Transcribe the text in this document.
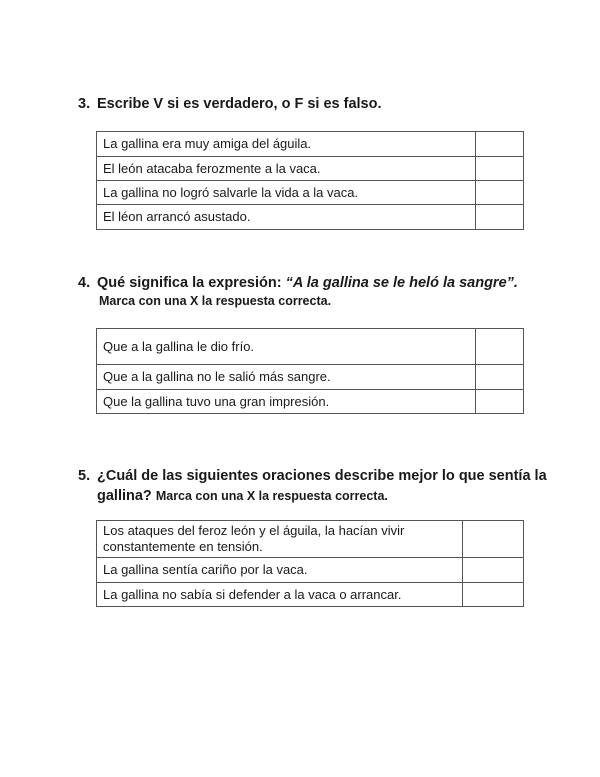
3. Escribe V si es verdadero, o F si es falso.
La gallina era muy amiga del águila.	
El león atacaba ferozmente a la vaca.	
La gallina no logró salvarle la vida a la vaca.	
El léon arrancó asustado.	
4. Qué significa la expresión: “A la gallina se le heló la sangre”.
Marca con una X la respuesta correcta.
Que a la gallina le dio frío.	
Que a la gallina no le salió más sangre.	
Que la gallina tuvo una gran impresión.	
5. ¿Cuál de las siguientes oraciones describe mejor lo que sentía la
gallina? Marca con una X la respuesta correcta.
Los ataques del feroz león y el águila, la hacían vivir constantemente en tensión.	
La gallina sentía cariño por la vaca.	
La gallina no sabía si defender a la vaca o arrancar.	
